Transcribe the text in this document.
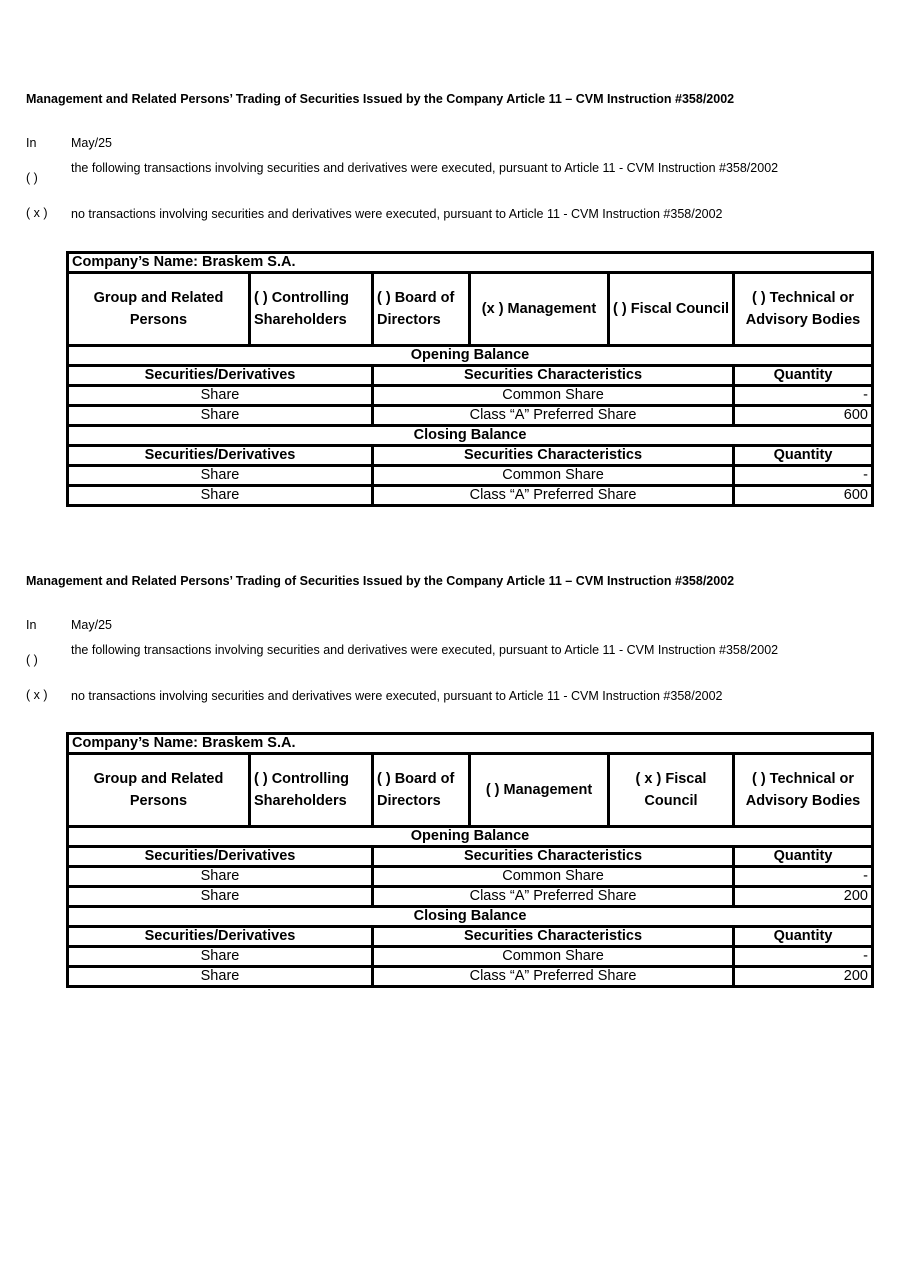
Management and Related Persons’ Trading of Securities Issued by the Company Article 11 – CVM Instruction #358/2002
In	May/25
( )
the following transactions involving securities and derivatives were executed, pursuant to Article 11 - CVM Instruction #358/2002
( x ) no transactions involving securities and derivatives were executed, pursuant to Article 11 - CVM Instruction #358/2002
Company’s Name: Braskem S.A.					
Group and Related Persons	( ) Controlling Shareholders	( ) Board of Directors	(x ) Management	( ) Fiscal Council	( ) Technical or Advisory Bodies
Opening Balance					
Securities/Derivatives		Securities Characteristics			Quantity
Share		Common Share			-
Share		Class “A” Preferred Share			600
Closing Balance					
Securities/Derivatives		Securities Characteristics			Quantity
Share		Common Share			-
Share		Class “A” Preferred Share			600
Management and Related Persons’ Trading of Securities Issued by the Company Article 11 – CVM Instruction #358/2002
In	May/25
( )
the following transactions involving securities and derivatives were executed, pursuant to Article 11 - CVM Instruction #358/2002
( x ) no transactions involving securities and derivatives were executed, pursuant to Article 11 - CVM Instruction #358/2002
Company’s Name: Braskem S.A.					
Group and Related Persons	( ) Controlling Shareholders	( ) Board of Directors	( ) Management	( x ) Fiscal Council	( ) Technical or Advisory Bodies
Opening Balance					
Securities/Derivatives		Securities Characteristics			Quantity
Share		Common Share			-
Share		Class “A” Preferred Share			200
Closing Balance					
Securities/Derivatives		Securities Characteristics			Quantity
Share		Common Share			-
Share		Class “A” Preferred Share			200
